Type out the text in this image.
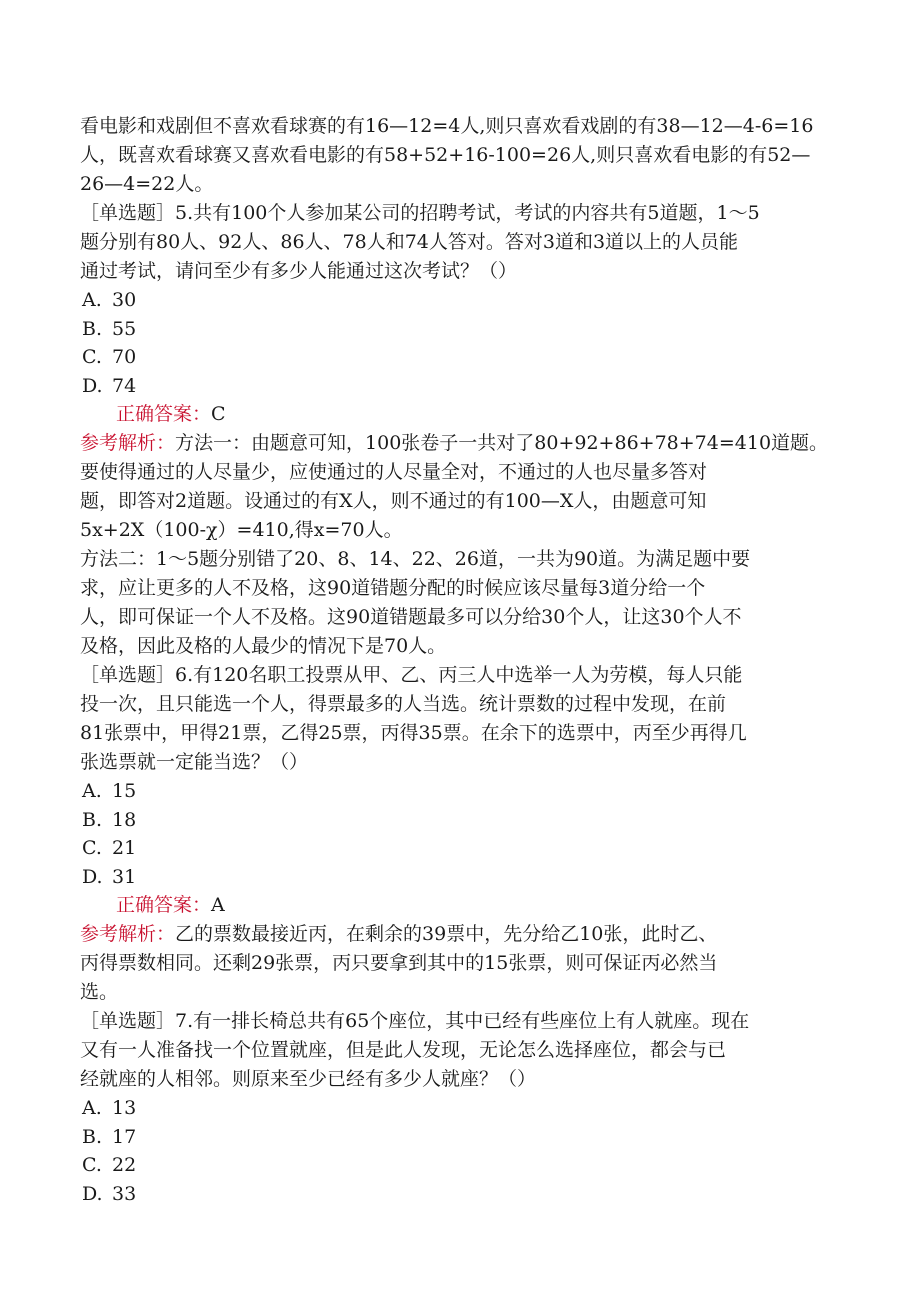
看电影和戏剧但不喜欢看球赛的有16—12=4人,则只喜欢看戏剧的有38—12—4-6=16
人，既喜欢看球赛又喜欢看电影的有58+52+16-100=26人,则只喜欢看电影的有52—
26—4=22人。
［单选题］5.共有100个人参加某公司的招聘考试，考试的内容共有5道题，1～5
题分别有80人、92人、86人、78人和74人答对。答对3道和3道以上的人员能
通过考试，请问至少有多少人能通过这次考试？（）
A. 30
B. 55
C. 70
D. 74
正确答案：C
参考解析：方法一：由题意可知，100张卷子一共对了80+92+86+78+74=410道题。
要使得通过的人尽量少，应使通过的人尽量全对，不通过的人也尽量多答对
题，即答对2道题。设通过的有X人，则不通过的有100—X人，由题意可知
5x+2X（100-χ）=410,得x=70人。
方法二：1～5题分别错了20、8、14、22、26道，一共为90道。为满足题中要
求，应让更多的人不及格，这90道错题分配的时候应该尽量每3道分给一个
人，即可保证一个人不及格。这90道错题最多可以分给30个人，让这30个人不
及格，因此及格的人最少的情况下是70人。
［单选题］6.有120名职工投票从甲、乙、丙三人中选举一人为劳模，每人只能
投一次，且只能选一个人，得票最多的人当选。统计票数的过程中发现，在前
81张票中，甲得21票，乙得25票，丙得35票。在余下的选票中，丙至少再得几
张选票就一定能当选？（）
A. 15
B. 18
C. 21
D. 31
正确答案：A
参考解析：乙的票数最接近丙，在剩余的39票中，先分给乙10张，此时乙、
丙得票数相同。还剩29张票，丙只要拿到其中的15张票，则可保证丙必然当
选。
［单选题］7.有一排长椅总共有65个座位，其中已经有些座位上有人就座。现在
又有一人准备找一个位置就座，但是此人发现，无论怎么选择座位，都会与已
经就座的人相邻。则原来至少已经有多少人就座？（）
A. 13
B. 17
C. 22
D. 33
